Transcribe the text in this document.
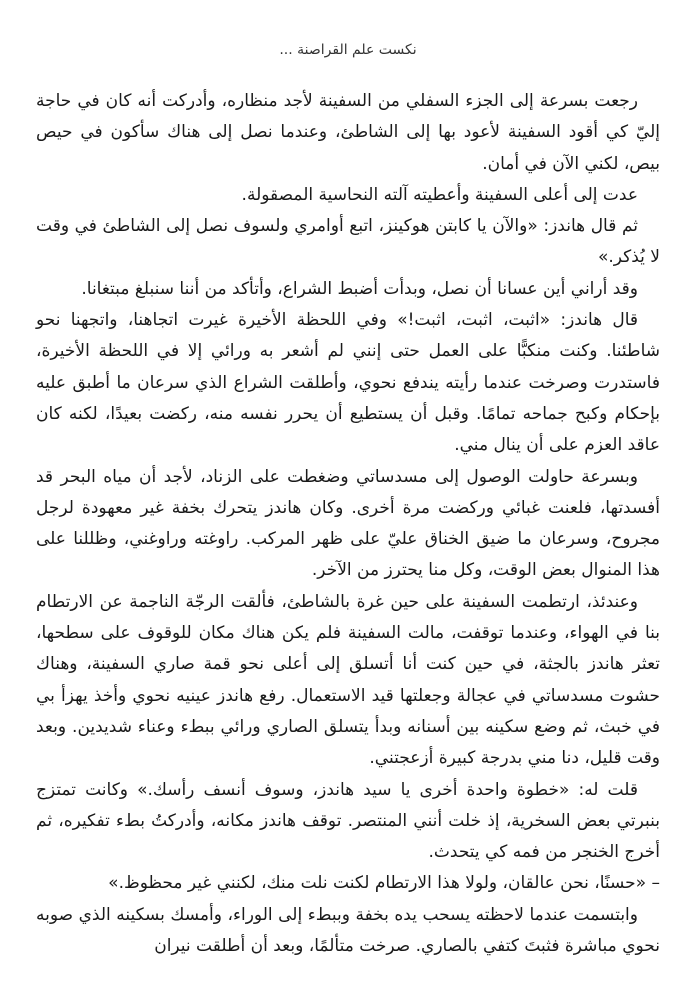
نكست علم القراصنة ...

رجعت بسرعة إلى الجزء السفلي من السفينة لأجد منظاره، وأدركت أنه كان في حاجة إليّ كي أقود السفينة لأعود بها إلى الشاطئ، وعندما نصل إلى هناك سأكون في حيص بيص، لكني الآن في أمان.

عدت إلى أعلى السفينة وأعطيته آلته النحاسية المصقولة.

ثم قال هاندز: «والآن يا كابتن هوكينز، اتبع أوامري ولسوف نصل إلى الشاطئ في وقت لا يُذكر.»

وقد أراني أين عسانا أن نصل، وبدأت أضبط الشراع، وأتأكد من أننا سنبلغ مبتغانا.

قال هاندز: «اثبت، اثبت، اثبت!» وفي اللحظة الأخيرة غيرت اتجاهنا، واتجهنا نحو شاطئنا. وكنت منكبًّا على العمل حتى إنني لم أشعر به ورائي إلا في اللحظة الأخيرة، فاستدرت وصرخت عندما رأيته يندفع نحوي، وأطلقت الشراع الذي سرعان ما أطبق عليه بإحكام وكبح جماحه تمامًا. وقبل أن يستطيع أن يحرر نفسه منه، ركضت بعيدًا، لكنه كان عاقد العزم على أن ينال مني.

وبسرعة حاولت الوصول إلى مسدساتي وضغطت على الزناد، لأجد أن مياه البحر قد أفسدتها، فلعنت غبائي وركضت مرة أخرى. وكان هاندز يتحرك بخفة غير معهودة لرجل مجروح، وسرعان ما ضيق الخناق عليّ على ظهر المركب. راوغته وراوغني، وظللنا على هذا المنوال بعض الوقت، وكل منا يحترز من الآخر.

وعندئذ، ارتطمت السفينة على حين غرة بالشاطئ، فألقت الرجّة الناجمة عن الارتطام بنا في الهواء، وعندما توقفت، مالت السفينة فلم يكن هناك مكان للوقوف على سطحها، تعثر هاندز بالجثة، في حين كنت أنا أتسلق إلى أعلى نحو قمة صاري السفينة، وهناك حشوت مسدساتي في عجالة وجعلتها قيد الاستعمال. رفع هاندز عينيه نحوي وأخذ يهزأ بي في خبث، ثم وضع سكينه بين أسنانه وبدأ يتسلق الصاري ورائي ببطء وعناء شديدين. وبعد وقت قليل، دنا مني بدرجة كبيرة أزعجتني.

قلت له: «خطوة واحدة أخرى يا سيد هاندز، وسوف أنسف رأسك.» وكانت تمتزج بنبرتي بعض السخرية، إذ خلت أنني المنتصر. توقف هاندز مكانه، وأدركتُ بطء تفكيره، ثم أخرج الخنجر من فمه كي يتحدث.

– «حسنًا، نحن عالقان، ولولا هذا الارتطام لكنت نلت منك، لكنني غير محظوظ.»

وابتسمت عندما لاحظته يسحب يده بخفة وببطء إلى الوراء، وأمسك بسكينه الذي صوبه نحوي مباشرة فثبتَ كتفي بالصاري. صرخت متألمًا، وبعد أن أطلقت نيران
